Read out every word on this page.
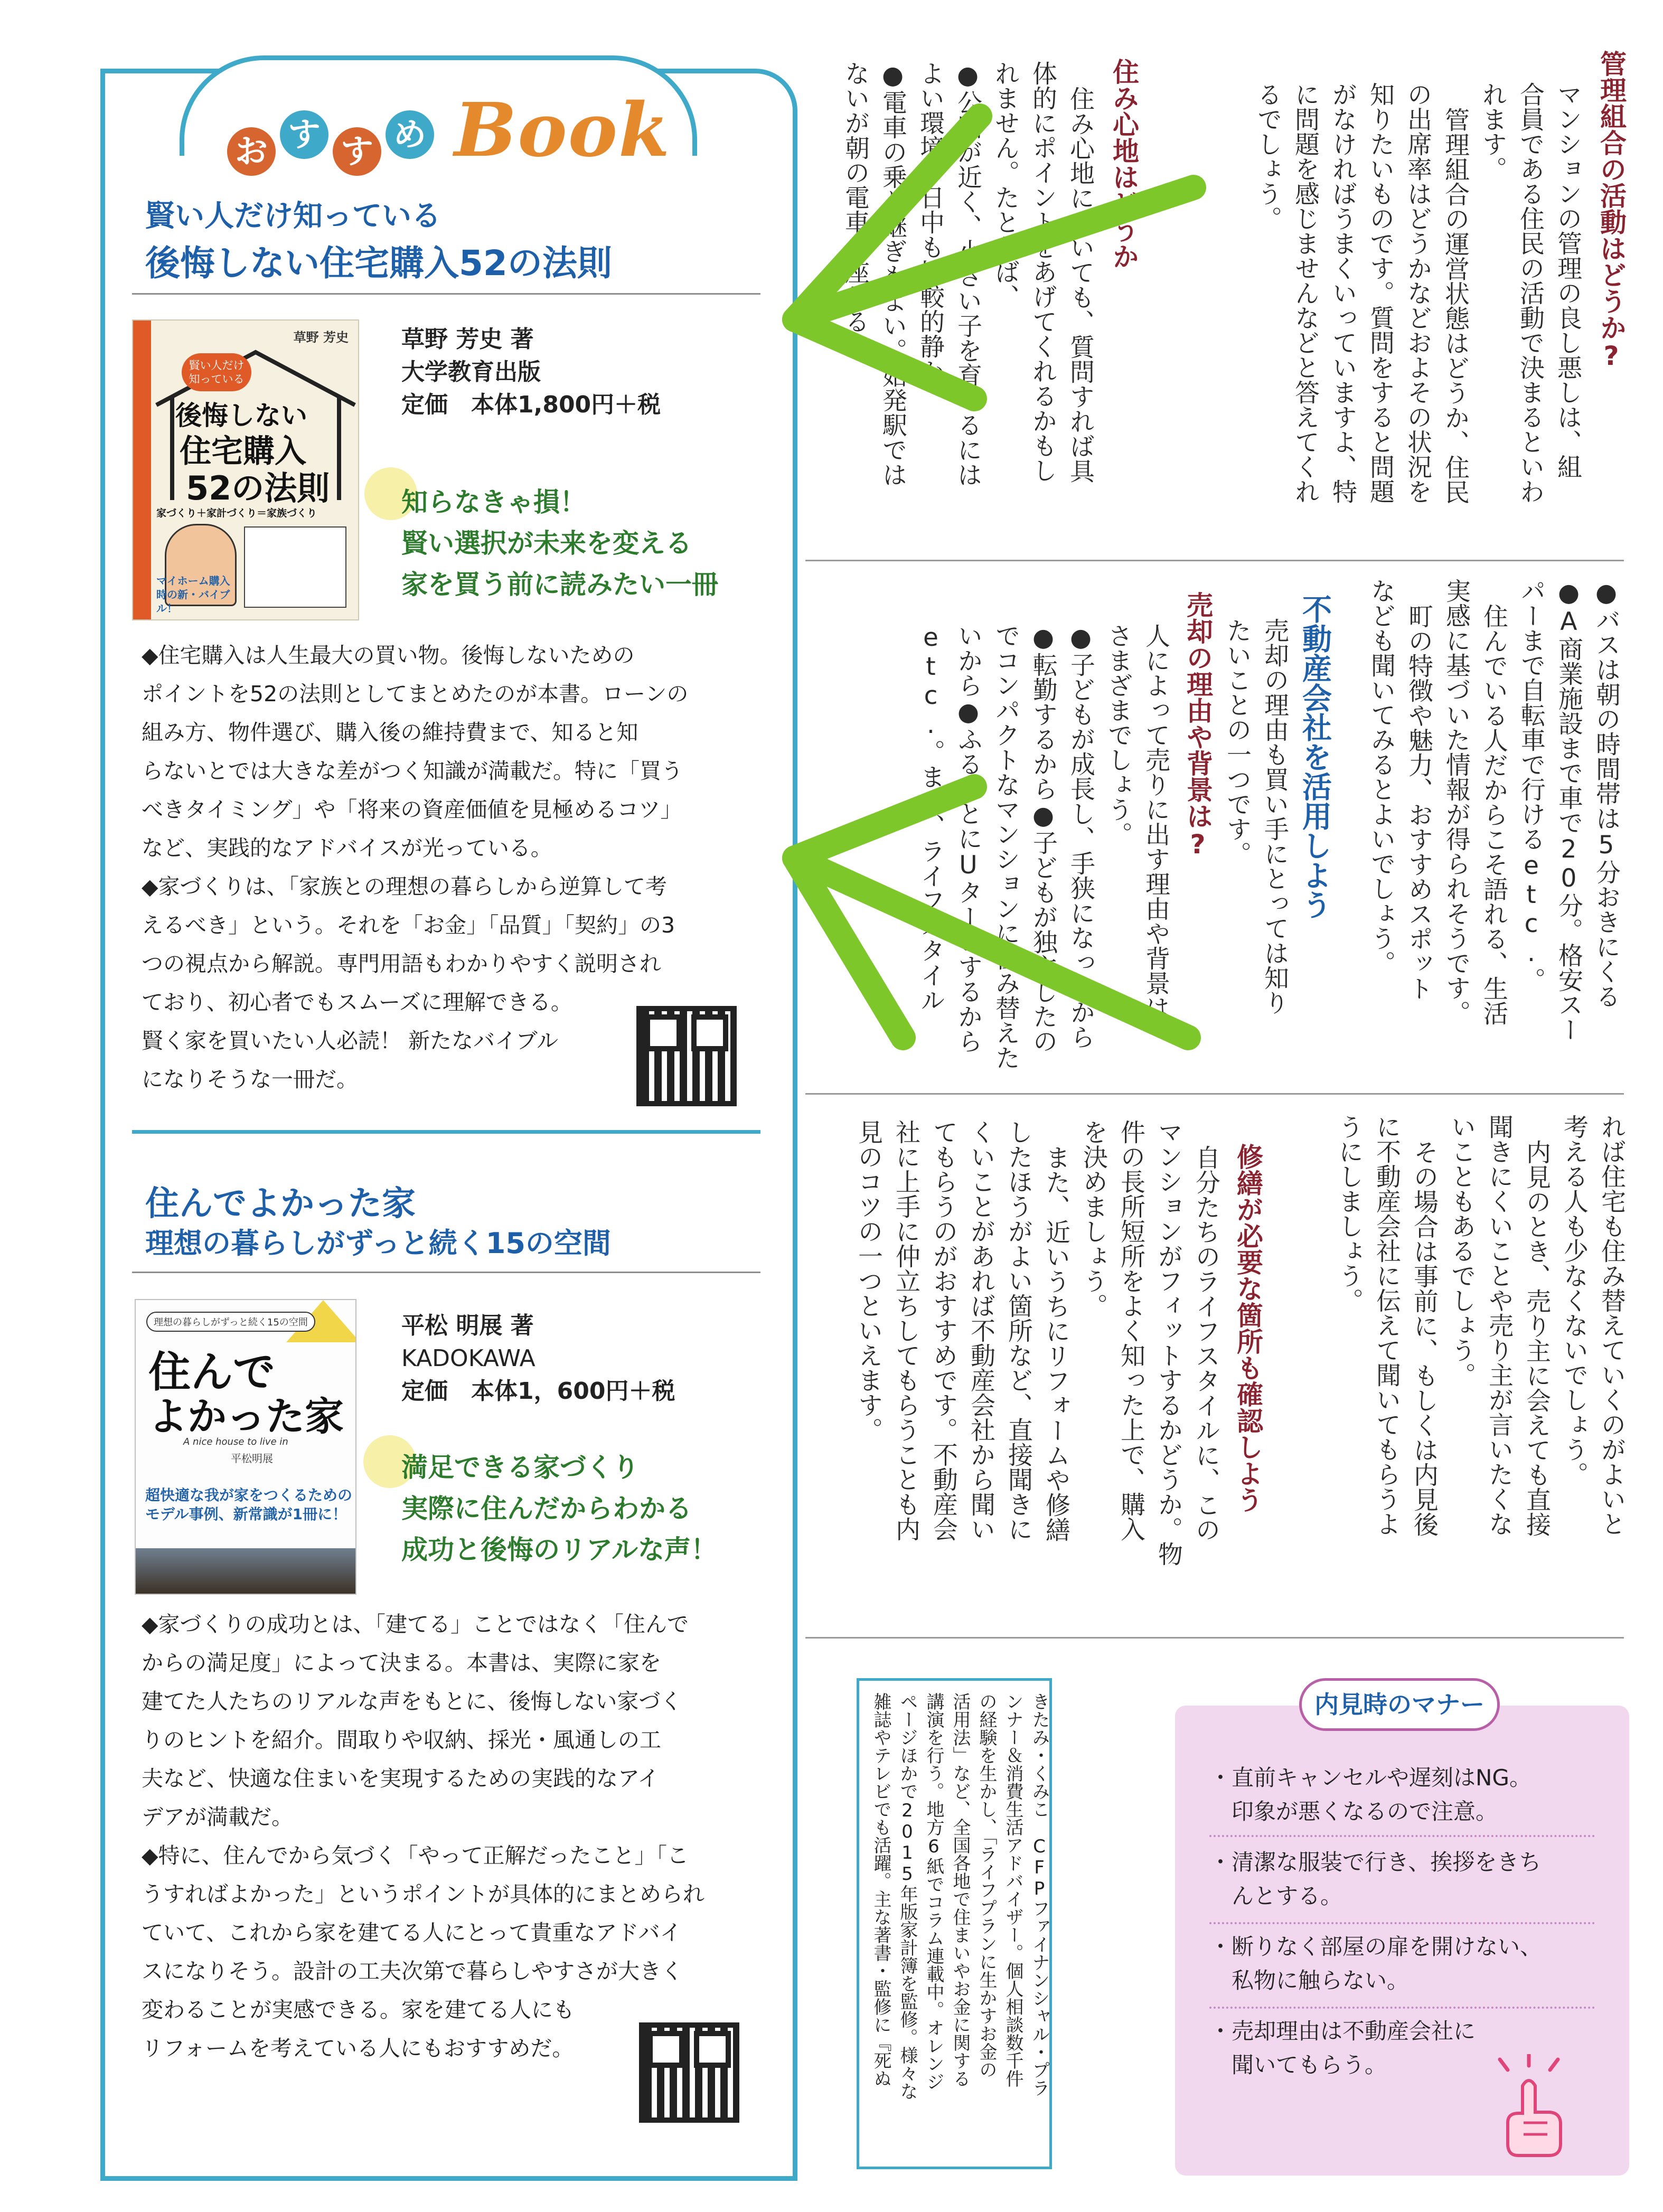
お す す め Book
賢い人だけ知っている
後悔しない住宅購入52の法則
草野 芳史
賢い人だけ知っている
後悔しない
住宅購入
52の法則
家づくり＋家計づくり＝家族づくり
マイホーム購入時の新・バイブル！
草野 芳史 著
大学教育出版
定価　本体1,800円＋税
知らなきゃ損！
賢い選択が未来を変える
家を買う前に読みたい一冊
◆住宅購入は人生最大の買い物。後悔しないための
ポイントを52の法則としてまとめたのが本書。ローンの
組み方、物件選び、購入後の維持費まで、知ると知
らないとでは大きな差がつく知識が満載だ。特に「買う
べきタイミング」や「将来の資産価値を見極めるコツ」
など、実践的なアドバイスが光っている。
◆家づくりは、「家族との理想の暮らしから逆算して考
えるべき」という。それを「お金」「品質」「契約」の3
つの視点から解説。専門用語もわかりやすく説明され
ており、初心者でもスムーズに理解できる。
賢く家を買いたい人必読！ 新たなバイブル
になりそうな一冊だ。
住んでよかった家
理想の暮らしがずっと続く15の空間
理想の暮らしがずっと続く15の空間
住んで
よかった家
A nice house to live in
平松明展
超快適な我が家をつくるための
モデル事例、新常識が1冊に！
平松 明展 著
KADOKAWA
定価　本体1，600円＋税
満足できる家づくり
実際に住んだからわかる
成功と後悔のリアルな声！
◆家づくりの成功とは、「建てる」ことではなく「住んで
からの満足度」によって決まる。本書は、実際に家を
建てた人たちのリアルな声をもとに、後悔しない家づく
りのヒントを紹介。間取りや収納、採光・風通しの工
夫など、快適な住まいを実現するための実践的なアイ
デアが満載だ。
◆特に、住んでから気づく「やって正解だったこと」「こ
うすればよかった」というポイントが具体的にまとめられ
ていて、これから家を建てる人にとって貴重なアドバイ
スになりそう。設計の工夫次第で暮らしやすさが大きく
変わることが実感できる。家を建てる人にも
リフォームを考えている人にもおすすめだ。
管理組合の活動はどうか?
マンションの管理の良し悪しは、組
合員である住民の活動で決まるといわ
れます。
管理組合の運営状態はどうか、住民
の出席率はどうかなどおよその状況を
知りたいものです。質問をすると問題
がなければうまくいっていますよ、特
に問題を感じませんなどと答えてくれ
るでしょう。
住み心地はどうか
住み心地についても、質問すれば具
体的にポイントをあげてくれるかもし
れません。たとえば、
●公園が近く、小さい子を育てるには
よい環境。日中も比較的静か。
●電車の乗り継ぎもよい。始発駅では
ないが朝の電車も座れる
●バスは朝の時間帯は5分おきにくる
●A商業施設まで車で20分。格安スー
パーまで自転車で行けるetc.。
住んでいる人だからこそ語れる、生活
実感に基づいた情報が得られそうです。
町の特徴や魅力、おすすめスポット
なども聞いてみるとよいでしょう。
不動産会社を活用しよう
売却の理由も買い手にとっては知り
たいことの一つです。
売却の理由や背景は?
人によって売りに出す理由や背景は
さまざまでしょう。
●子どもが成長し、手狭になったから
●転勤するから●子どもが独立したの
でコンパクトなマンションに住み替えた
いから●ふるさとにUターンするから
etc.。また、ライフスタイル
れば住宅も住み替えていくのがよいと
考える人も少なくないでしょう。
内見のとき、売り主に会えても直接
聞きにくいことや売り主が言いたくな
いこともあるでしょう。
その場合は事前に、もしくは内見後
に不動産会社に伝えて聞いてもらうよ
うにしましょう。
修繕が必要な箇所も確認しよう
自分たちのライフスタイルに、この
マンションがフィットするかどうか。物
件の長所短所をよく知った上で、購入
を決めましょう。
また、近いうちにリフォームや修繕
したほうがよい箇所など、直接聞きに
くいことがあれば不動産会社から聞い
てもらうのがおすすめです。不動産会
社に上手に仲立ちしてもらうことも内
見のコツの一つといえます。
きたみ・くみこ　CFPファイナンシャル・プラ
ンナー＆消費生活アドバイザー。個人相談数千件
の経験を生かし、「ライフプランに生かすお金の
活用法」など、全国各地で住まいやお金に関する
講演を行う。地方6紙でコラム連載中。オレンジ
ページほかで2015年版家計簿を監修。様々な
雑誌やテレビでも活躍。主な著書・監修に『死ぬ	内見時のマナー
・直前キャンセルや遅刻はNG。
　印象が悪くなるので注意。
・清潔な服装で行き、挨拶をきち
　んとする。
・断りなく部屋の扉を開けない、
　私物に触らない。
・売却理由は不動産会社に
　聞いてもらう。
